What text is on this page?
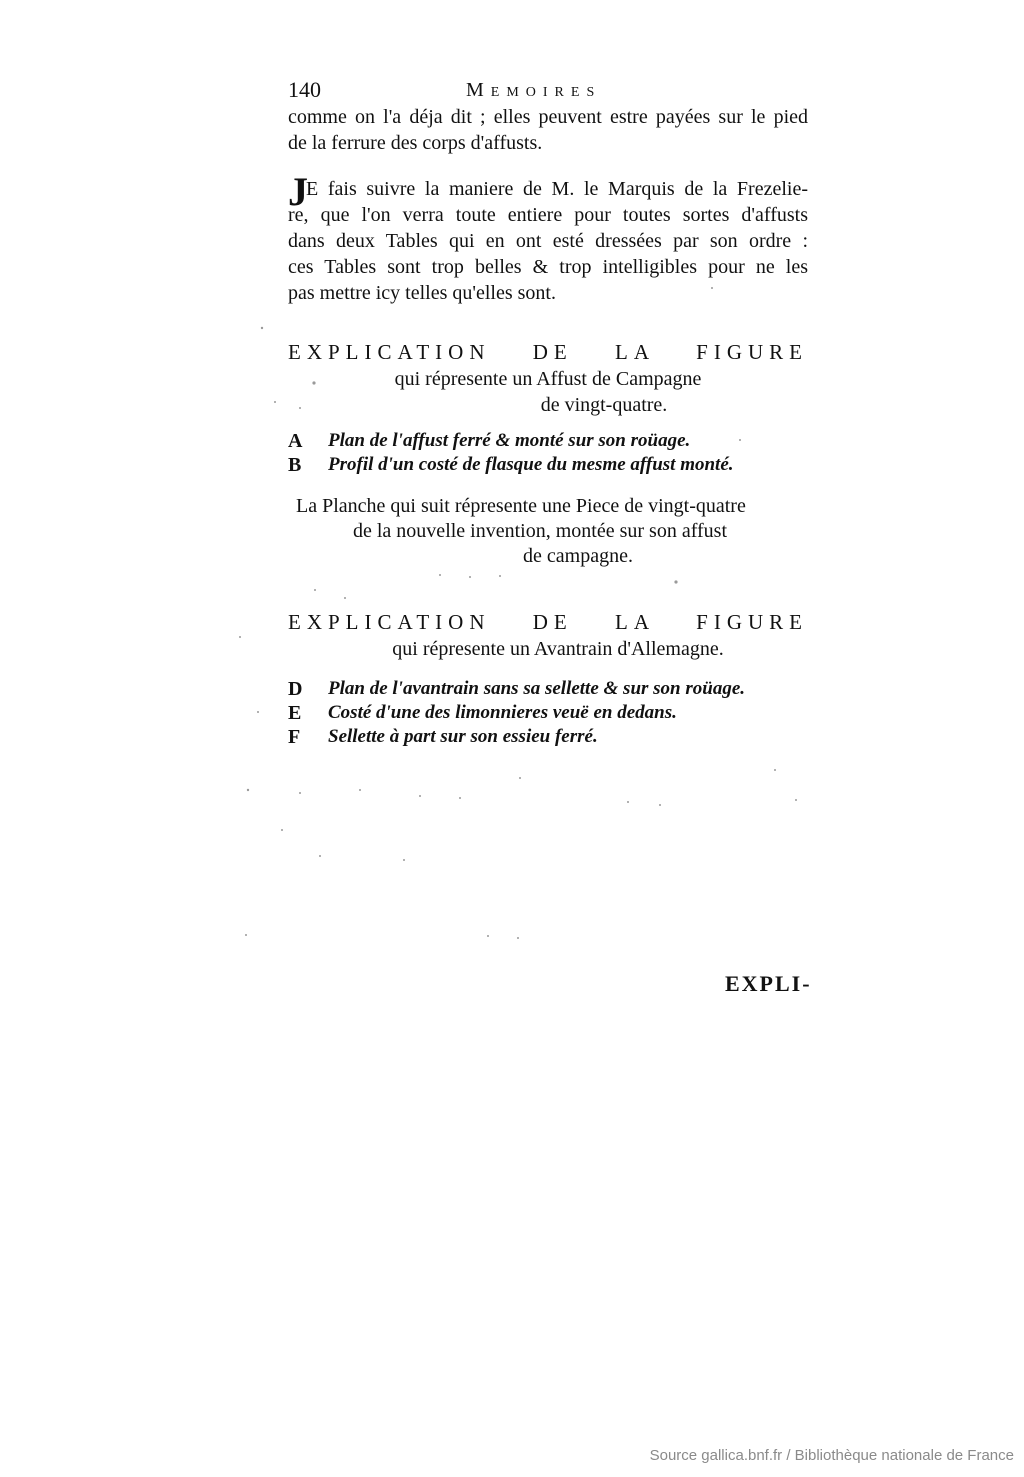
140	Memoires
comme on l'a déja dit ; elles peuvent estre payées sur le pied
de la ferrure des corps d'affusts.
J
E fais suivre la maniere de M. le Marquis de la Frezelie-
re, que l'on verra toute entiere pour toutes sortes d'affusts
dans deux Tables qui en ont esté dressées par son ordre :
ces Tables sont trop belles & trop intelligibles pour ne les
pas mettre icy telles qu'elles sont.
EXPLICATION DE LA FIGURE
qui répresente un Affust de Campagne
de vingt-quatre.
A Plan de l'affust ferré & monté sur son roüage.
B Profil d'un costé de flasque du mesme affust monté.
La Planche qui suit répresente une Piece de vingt-quatre
de la nouvelle invention, montée sur son affust
de campagne.
EXPLICATION DE LA FIGURE
qui répresente un Avantrain d'Allemagne.
D Plan de l'avantrain sans sa sellette & sur son roüage.
E Costé d'une des limonnieres veuë en dedans.
F Sellette à part sur son essieu ferré.
EXPLI-
Source gallica.bnf.fr / Bibliothèque nationale de France
